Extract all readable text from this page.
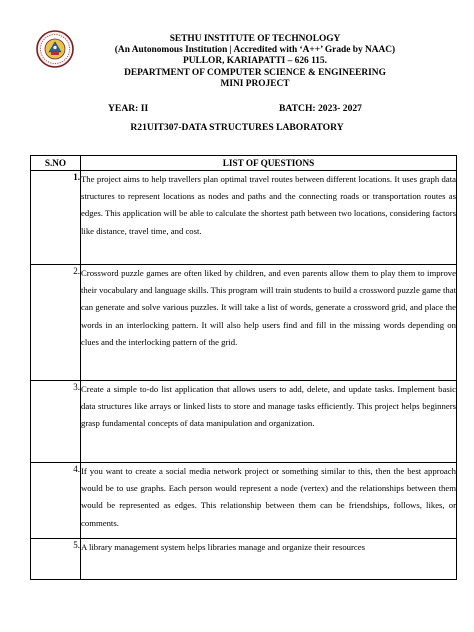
SETHU INSTITUTE OF TECHNOLOGY
(An Autonomous Institution | Accredited with ‘A++’ Grade by NAAC)
PULLOR, KARIAPATTI – 626 115.
DEPARTMENT OF COMPUTER SCIENCE & ENGINEERING
MINI PROJECT
YEAR: II	BATCH: 2023- 2027
R21UIT307-DATA STRUCTURES LABORATORY
S.NO	LIST OF QUESTIONS
1.	The project aims to help travellers plan optimal travel routes between different locations. It uses graph data structures to represent locations as nodes and paths and the connecting roads or transportation routes as edges. This application will be able to calculate the shortest path between two locations, considering factors like distance, travel time, and cost.
2.	Crossword puzzle games are often liked by children, and even parents allow them to play them to improve their vocabulary and language skills. This program will train students to build a crossword puzzle game that can generate and solve various puzzles. It will take a list of words, generate a crossword grid, and place the words in an interlocking pattern. It will also help users find and fill in the missing words depending on clues and the interlocking pattern of the grid.
3.	Create a simple to-do list application that allows users to add, delete, and update tasks. Implement basic data structures like arrays or linked lists to store and manage tasks efficiently. This project helps beginners grasp fundamental concepts of data manipulation and organization.
4.	If you want to create a social media network project or something similar to this, then the best approach would be to use graphs. Each person would represent a node (vertex) and the relationships between them would be represented as edges. This relationship between them can be friendships, follows, likes, or comments.
5.	A library management system helps libraries manage and organize their resources
